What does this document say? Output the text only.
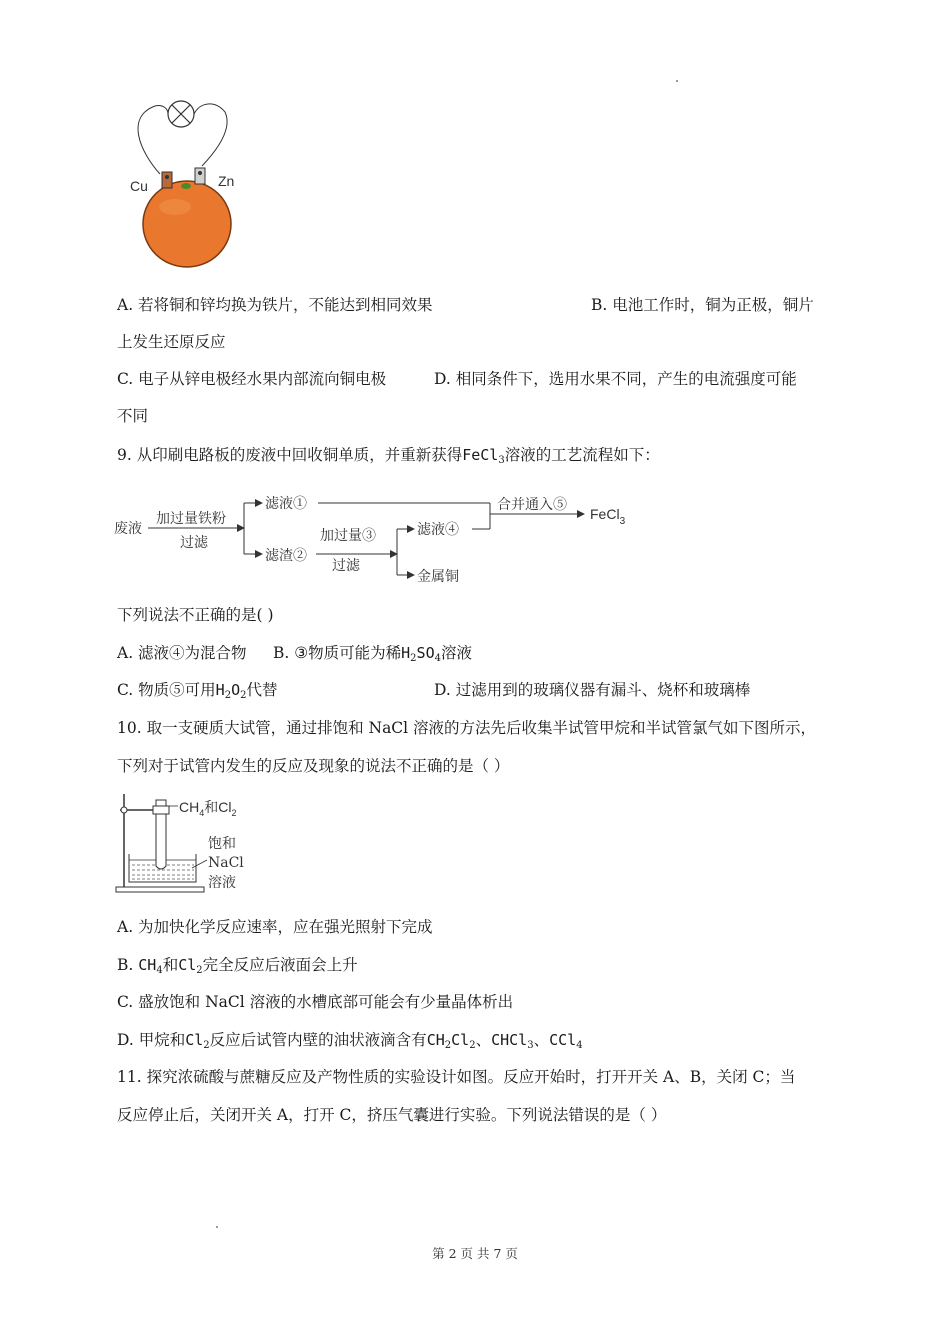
Cu	Zn
A. 若将铜和锌均换为铁片，不能达到相同效果	B. 电池工作时，铜为正极，铜片
上发生还原反应
C. 电子从锌电极经水果内部流向铜电极	D. 相同条件下，选用水果不同，产生的电流强度可能
不同
9. 从印刷电路板的废液中回收铜单质，并重新获得FeCl$_3$溶液的工艺流程如下：
废液
加过量铁粉
过滤
滤液①
滤渣②
加过量③
过滤
滤液④
金属铜
合并通入⑤
FeCl$_3$
下列说法不正确的是( )
A. 滤液④为混合物 B. ③物质可能为稀$H_2SO_4$溶液
C. 物质⑤可用$H_2O_2$代替	D. 过滤用到的玻璃仪器有漏斗、烧杯和玻璃棒
10. 取一支硬质大试管，通过排饱和 NaCl 溶液的方法先后收集半试管甲烷和半试管氯气如下图所示，
下列对于试管内发生的反应及现象的说法不正确的是（ ）
$CH_4$和$Cl_2$
饱和
NaCl
溶液
A. 为加快化学反应速率，应在强光照射下完成
B. $CH_4$和$Cl_2$完全反应后液面会上升
C. 盛放饱和 NaCl 溶液的水槽底部可能会有少量晶体析出
D. 甲烷和$Cl_2$反应后试管内壁的油状液滴含有$CH_2Cl_2$、CHCl$_3$、CCl$_4$
11. 探究浓硫酸与蔗糖反应及产物性质的实验设计如图。反应开始时，打开开关 A、B，关闭 C；当
反应停止后，关闭开关 A，打开 C，挤压气囊进行实验。下列说法错误的是（ ）
第 2 页 共 7 页
